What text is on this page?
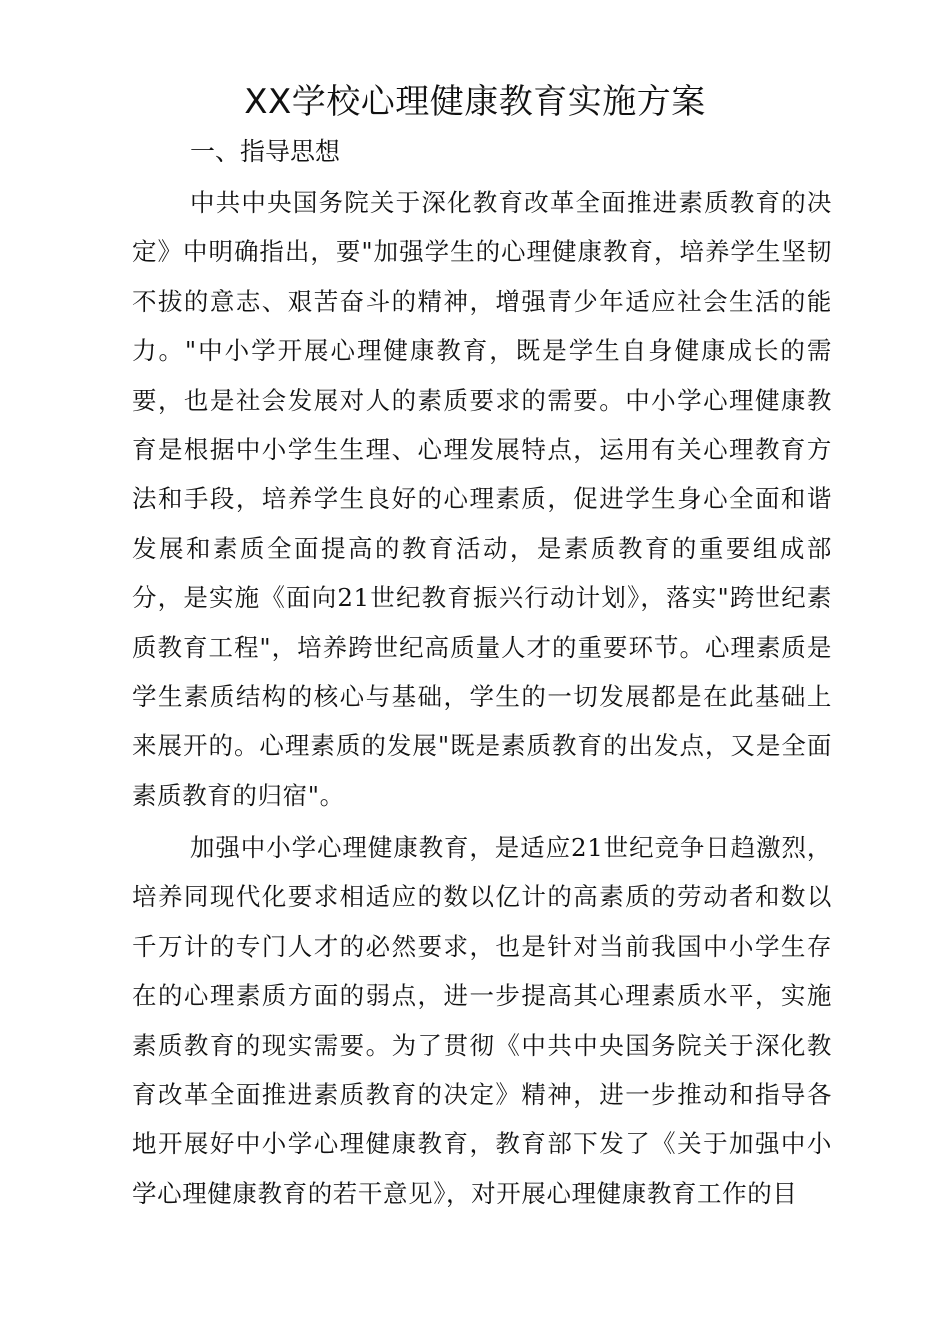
XX学校心理健康教育实施方案
一、指导思想

中共中央国务院关于深化教育改革全面推进素质教育的决定》中明确指出，要"加强学生的心理健康教育，培养学生坚韧不拔的意志、艰苦奋斗的精神，增强青少年适应社会生活的能力。"中小学开展心理健康教育，既是学生自身健康成长的需要，也是社会发展对人的素质要求的需要。中小学心理健康教育是根据中小学生生理、心理发展特点，运用有关心理教育方法和手段，培养学生良好的心理素质，促进学生身心全面和谐发展和素质全面提高的教育活动，是素质教育的重要组成部分，是实施《面向21世纪教育振兴行动计划》，落实"跨世纪素质教育工程"，培养跨世纪高质量人才的重要环节。心理素质是学生素质结构的核心与基础，学生的一切发展都是在此基础上来展开的。心理素质的发展"既是素质教育的出发点，又是全面素质教育的归宿"。

加强中小学心理健康教育，是适应21世纪竞争日趋激烈，培养同现代化要求相适应的数以亿计的高素质的劳动者和数以千万计的专门人才的必然要求，也是针对当前我国中小学生存在的心理素质方面的弱点，进一步提高其心理素质水平，实施素质教育的现实需要。为了贯彻《中共中央国务院关于深化教育改革全面推进素质教育的决定》精神，进一步推动和指导各地开展好中小学心理健康教育，教育部下发了《关于加强中小学心理健康教育的若干意见》，对开展心理健康教育工作的目
